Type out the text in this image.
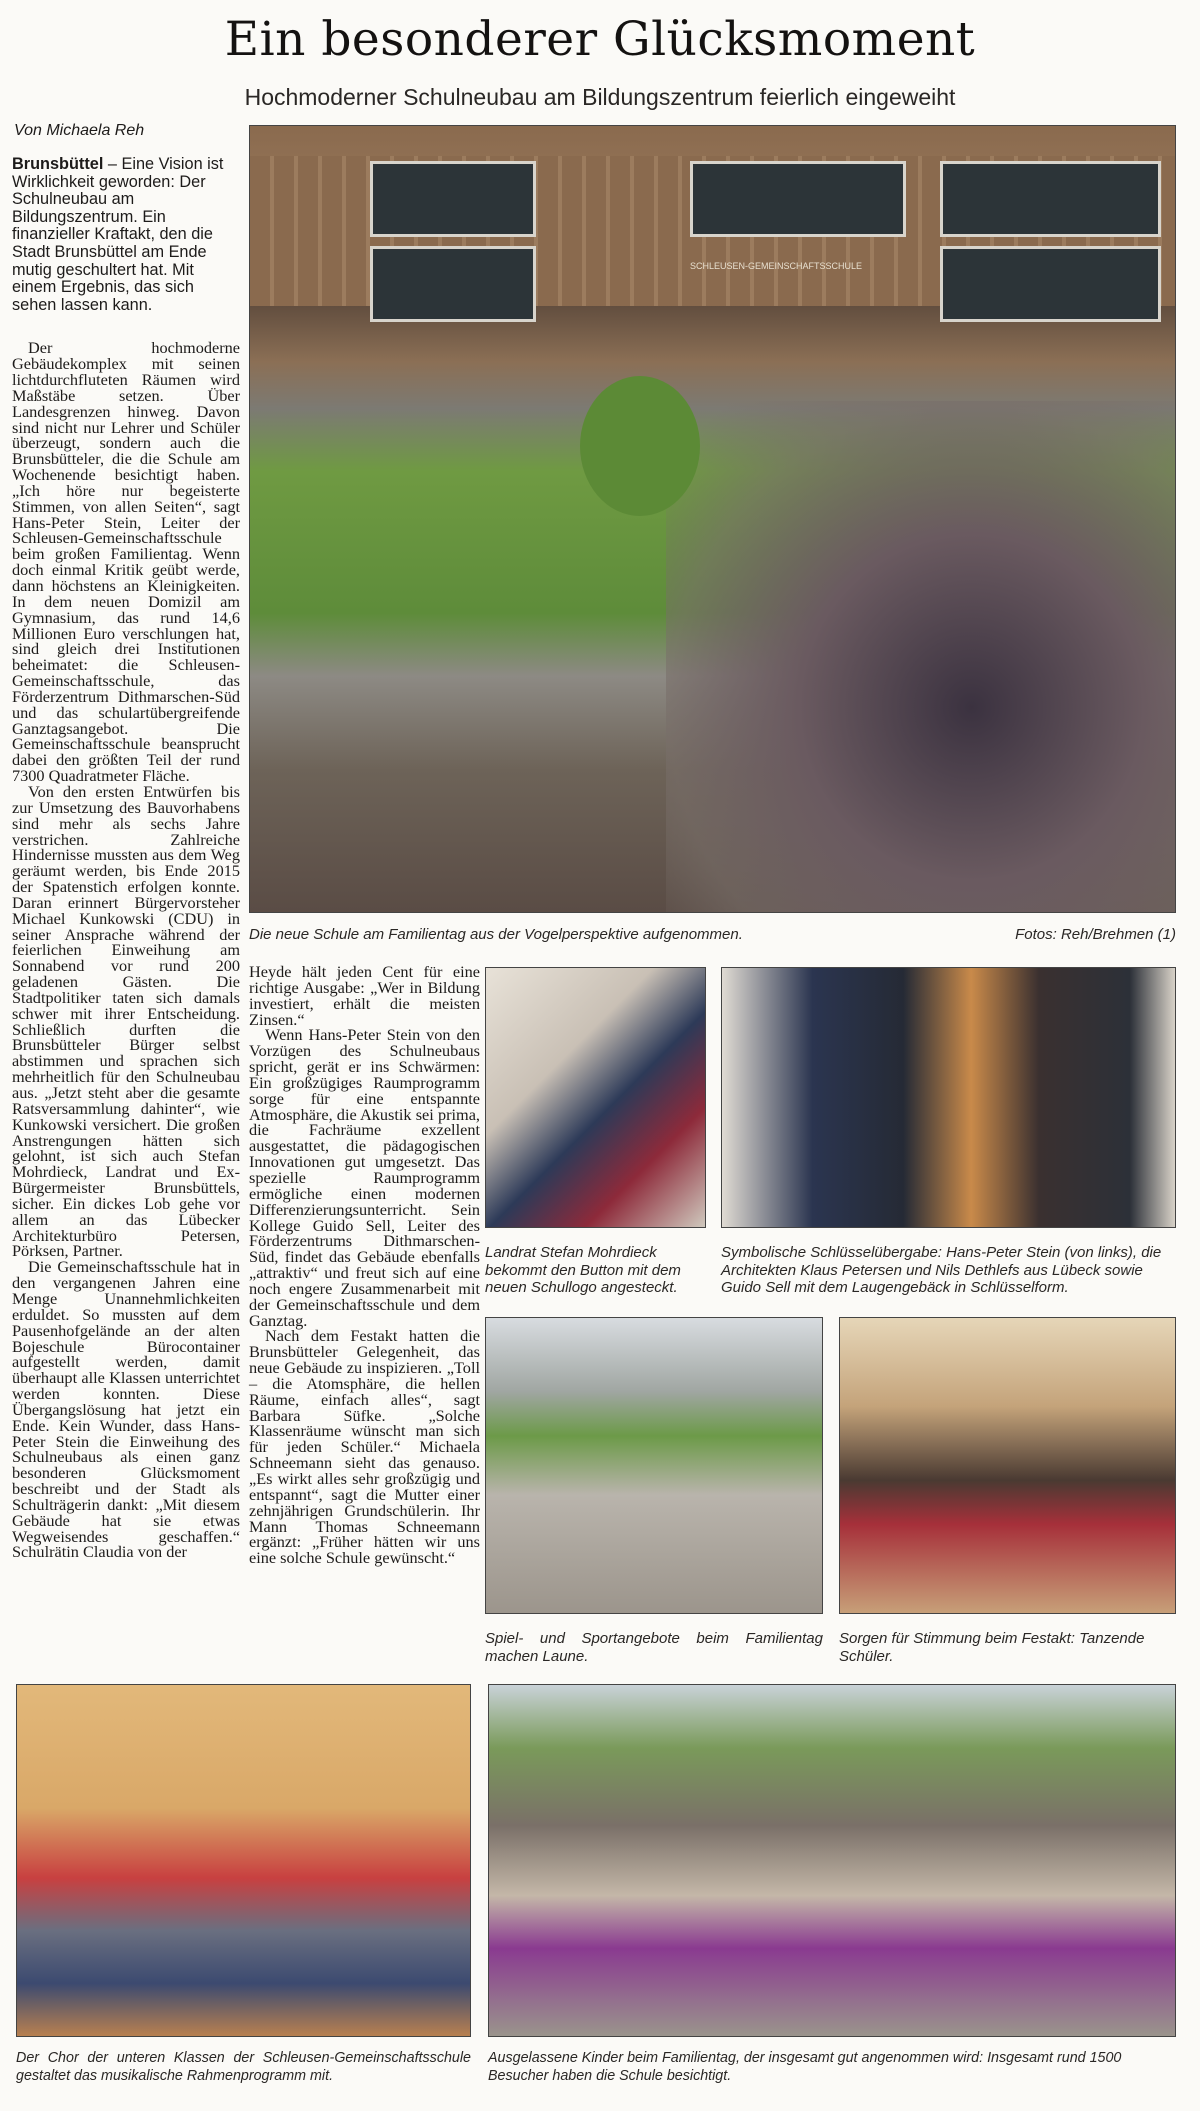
Ein besonderer Glücksmoment
Hochmoderner Schulneubau am Bildungszentrum feierlich eingeweiht
Von Michaela Reh
Brunsbüttel – Eine Vision ist Wirklichkeit geworden: Der Schulneubau am Bildungszentrum. Ein finanzieller Kraftakt, den die Stadt Brunsbüttel am Ende mutig geschultert hat. Mit einem Ergebnis, das sich sehen lassen kann.

Der hochmoderne Gebäudekomplex mit seinen lichtdurchfluteten Räumen wird Maßstäbe setzen. Über Landesgrenzen hinweg. Davon sind nicht nur Lehrer und Schüler überzeugt, sondern auch die Brunsbütteler, die die Schule am Wochenende besichtigt haben. „Ich höre nur begeisterte Stimmen, von allen Seiten“, sagt Hans-Peter Stein, Leiter der Schleusen-Gemeinschaftsschule beim großen Familientag. Wenn doch einmal Kritik geübt werde, dann höchstens an Kleinigkeiten. In dem neuen Domizil am Gymnasium, das rund 14,6 Millionen Euro verschlungen hat, sind gleich drei Institutionen beheimatet: die Schleusen-Gemeinschaftsschule, das Förderzentrum Dithmarschen-Süd und das schulartübergreifende Ganztagsangebot. Die Gemeinschaftsschule beansprucht dabei den größten Teil der rund 7300 Quadratmeter Fläche.

Von den ersten Entwürfen bis zur Umsetzung des Bauvorhabens sind mehr als sechs Jahre verstrichen. Zahlreiche Hindernisse mussten aus dem Weg geräumt werden, bis Ende 2015 der Spatenstich erfolgen konnte. Daran erinnert Bürgervorsteher Michael Kunkowski (CDU) in seiner Ansprache während der feierlichen Einweihung am Sonnabend vor rund 200 geladenen Gästen. Die Stadtpolitiker taten sich damals schwer mit ihrer Entscheidung. Schließlich durften die Brunsbütteler Bürger selbst abstimmen und sprachen sich mehrheitlich für den Schulneubau aus. „Jetzt steht aber die gesamte Ratsversammlung dahinter“, wie Kunkowski versichert. Die großen Anstrengungen hätten sich gelohnt, ist sich auch Stefan Mohrdieck, Landrat und Ex-Bürgermeister Brunsbüttels, sicher. Ein dickes Lob gehe vor allem an das Lübecker Architekturbüro Petersen, Pörksen, Partner.

Die Gemeinschaftsschule hat in den vergangenen Jahren eine Menge Unannehmlichkeiten erduldet. So mussten auf dem Pausenhofgelände an der alten Bojeschule Bürocontainer aufgestellt werden, damit überhaupt alle Klassen unterrichtet werden konnten. Diese Übergangslösung hat jetzt ein Ende. Kein Wunder, dass Hans-Peter Stein die Einweihung des Schulneubaus als einen ganz besonderen Glücksmoment beschreibt und der Stadt als Schulträgerin dankt: „Mit diesem Gebäude hat sie etwas Wegweisendes geschaffen.“ Schulrätin Claudia von der

Heyde hält jeden Cent für eine richtige Ausgabe: „Wer in Bildung investiert, erhält die meisten Zinsen.“

Wenn Hans-Peter Stein von den Vorzügen des Schulneubaus spricht, gerät er ins Schwärmen: Ein großzügiges Raumprogramm sorge für eine entspannte Atmosphäre, die Akustik sei prima, die Fachräume exzellent ausgestattet, die pädagogischen Innovationen gut umgesetzt. Das spezielle Raumprogramm ermögliche einen modernen Differenzierungsunterricht. Sein Kollege Guido Sell, Leiter des Förderzentrums Dithmarschen-Süd, findet das Gebäude ebenfalls „attraktiv“ und freut sich auf eine noch engere Zusammenarbeit mit der Gemeinschaftsschule und dem Ganztag.

Nach dem Festakt hatten die Brunsbütteler Gelegenheit, das neue Gebäude zu inspizieren. „Toll – die Atomsphäre, die hellen Räume, einfach alles“, sagt Barbara Süfke. „Solche Klassenräume wünscht man sich für jeden Schüler.“ Michaela Schneemann sieht das genauso. „Es wirkt alles sehr großzügig und entspannt“, sagt die Mutter einer zehnjährigen Grundschülerin. Ihr Mann Thomas Schneemann ergänzt: „Früher hätten wir uns eine solche Schule gewünscht.“

SCHLEUSEN-GEMEINSCHAFTSSCHULE
Die neue Schule am Familientag aus der Vogelperspektive aufgenommen.	Fotos: Reh/Brehmen (1)
Landrat Stefan Mohrdieck bekommt den Button mit dem neuen Schullogo angesteckt.
Symbolische Schlüsselübergabe: Hans-Peter Stein (von links), die Architekten Klaus Petersen und Nils Dethlefs aus Lübeck sowie Guido Sell mit dem Laugengebäck in Schlüsselform.
Spiel- und Sportangebote beim Familientag machen Laune.
Sorgen für Stimmung beim Festakt: Tanzende Schüler.
Der Chor der unteren Klassen der Schleusen-Gemeinschaftsschule gestaltet das musikalische Rahmenprogramm mit.
Ausgelassene Kinder beim Familientag, der insgesamt gut angenommen wird: Insgesamt rund 1500 Besucher haben die Schule besichtigt.
